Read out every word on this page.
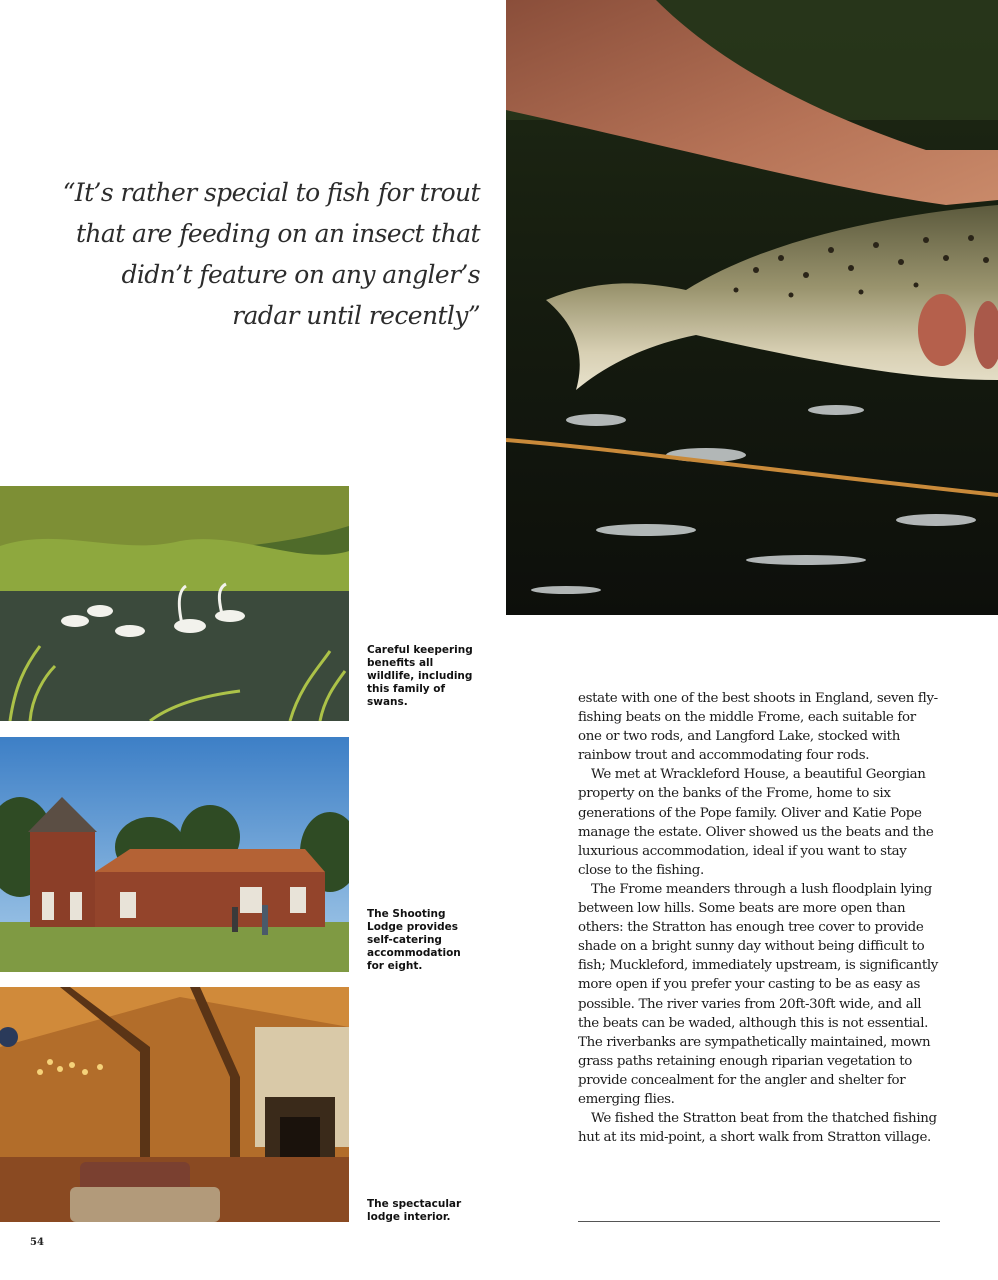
“It’s rather special to fish for trout

that are feeding on an insect that

didn’t feature on any angler’s

radar until recently”

Careful keepering benefits all wildlife, including this family of swans.
The Shooting Lodge provides self-catering accommodation for eight.
The spectacular lodge interior.

estate with one of the best shoots in England, seven fly-fishing beats on the middle Frome, each suitable for one or two rods, and Langford Lake, stocked with rainbow trout and accommodating four rods.

We met at Wrackleford House, a beautiful Georgian property on the banks of the Frome, home to six generations of the Pope family. Oliver and Katie Pope manage the estate. Oliver showed us the beats and the luxurious accommodation, ideal if you want to stay close to the fishing.

The Frome meanders through a lush floodplain lying between low hills. Some beats are more open than others: the Stratton has enough tree cover to provide shade on a bright sunny day without being difficult to fish; Muckleford, immediately upstream, is significantly more open if you prefer your casting to be as easy as possible. The river varies from 20ft-30ft wide, and all the beats can be waded, although this is not essential. The riverbanks are sympathetically maintained, mown grass paths retaining enough riparian vegetation to provide concealment for the angler and shelter for emerging flies.

We fished the Stratton beat from the thatched fishing hut at its mid-point, a short walk from Stratton village.

54
